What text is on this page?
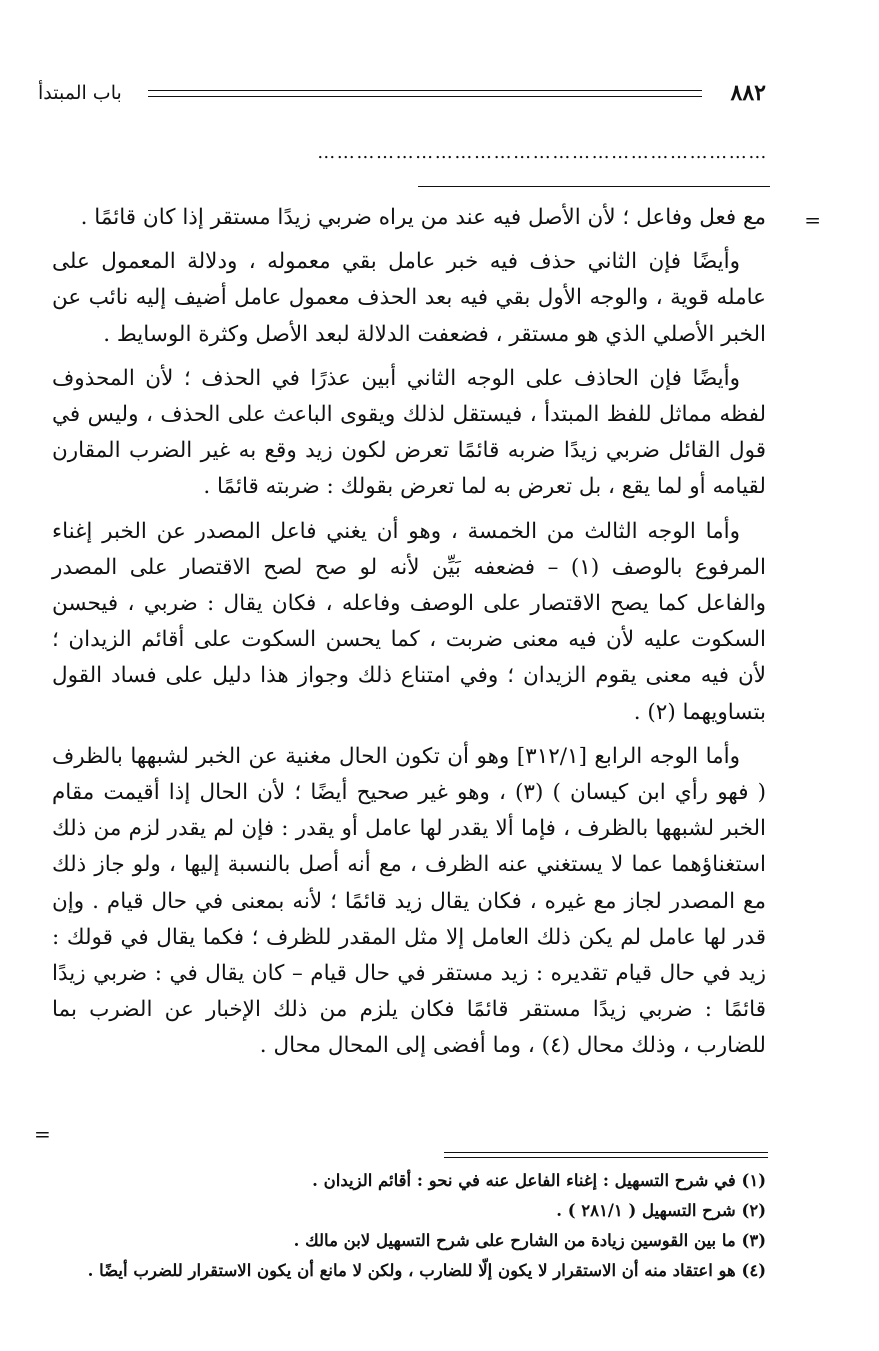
٨٨٢
باب المبتدأ
……………………………………………………………
=

مع فعل وفاعل ؛ لأن الأصل فيه عند من يراه ضربي زيدًا مستقر إذا كان قائمًا .

وأيضًا فإن الثاني حذف فيه خبر عامل بقي معموله ، ودلالة المعمول على عامله قوية ، والوجه الأول بقي فيه بعد الحذف معمول عامل أضيف إليه نائب عن الخبر الأصلي الذي هو مستقر ، فضعفت الدلالة لبعد الأصل وكثرة الوسايط .

وأيضًا فإن الحاذف على الوجه الثاني أبين عذرًا في الحذف ؛ لأن المحذوف لفظه مماثل للفظ المبتدأ ، فيستقل لذلك ويقوى الباعث على الحذف ، وليس في قول القائل ضربي زيدًا ضربه قائمًا تعرض لكون زيد وقع به غير الضرب المقارن لقيامه أو لما يقع ، بل تعرض به لما تعرض بقولك : ضربته قائمًا .

وأما الوجه الثالث من الخمسة ، وهو أن يغني فاعل المصدر عن الخبر إغناء المرفوع بالوصف (١) – فضعفه بَيِّن لأنه لو صح لصح الاقتصار على المصدر والفاعل كما يصح الاقتصار على الوصف وفاعله ، فكان يقال : ضربي ، فيحسن السكوت عليه لأن فيه معنى ضربت ، كما يحسن السكوت على أقائم الزيدان ؛ لأن فيه معنى يقوم الزيدان ؛ وفي امتناع ذلك وجواز هذا دليل على فساد القول بتساويهما (٢) .

وأما الوجه الرابع [٣١٢/١] وهو أن تكون الحال مغنية عن الخبر لشبهها بالظرف ( فهو رأي ابن كيسان ) (٣) ، وهو غير صحيح أيضًا ؛ لأن الحال إذا أقيمت مقام الخبر لشبهها بالظرف ، فإما ألا يقدر لها عامل أو يقدر : فإن لم يقدر لزم من ذلك استغناؤهما عما لا يستغني عنه الظرف ، مع أنه أصل بالنسبة إليها ، ولو جاز ذلك مع المصدر لجاز مع غيره ، فكان يقال زيد قائمًا ؛ لأنه بمعنى في حال قيام . وإن قدر لها عامل لم يكن ذلك العامل إلا مثل المقدر للظرف ؛ فكما يقال في قولك : زيد في حال قيام تقديره : زيد مستقر في حال قيام – كان يقال في : ضربي زيدًا قائمًا : ضربي زيدًا مستقر قائمًا فكان يلزم من ذلك الإخبار عن الضرب بما للضارب ، وذلك محال (٤) ، وما أفضى إلى المحال محال .

=
(١) في شرح التسهيل : إغناء الفاعل عنه في نحو : أقائم الزيدان .
(٢) شرح التسهيل ( ٢٨١/١ ) .
(٣) ما بين القوسين زيادة من الشارح على شرح التسهيل لابن مالك .
(٤) هو اعتقاد منه أن الاستقرار لا يكون إلّا للضارب ، ولكن لا مانع أن يكون الاستقرار للضرب أيضًا .
